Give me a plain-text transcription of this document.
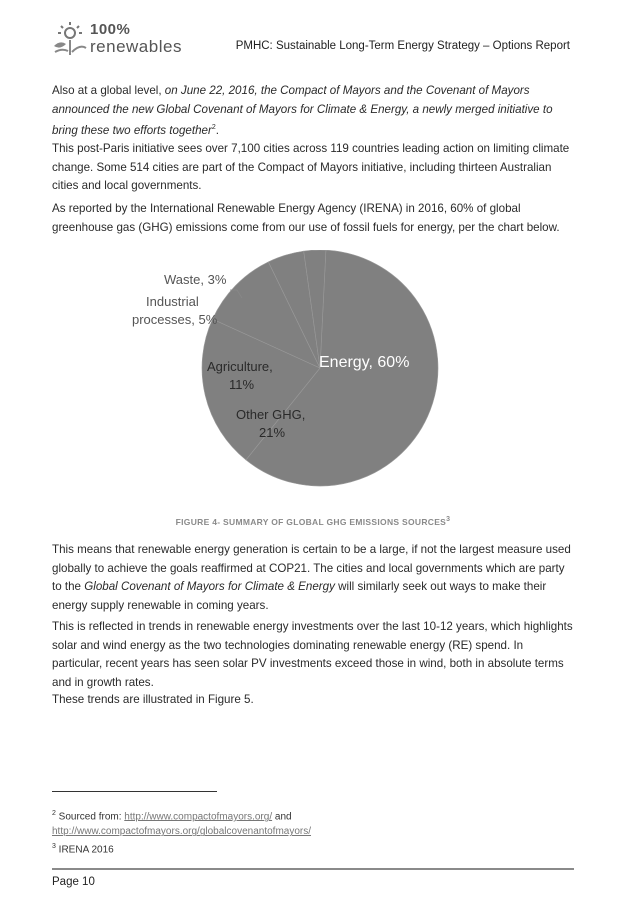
100%
renewables	PMHC: Sustainable Long-Term Energy Strategy – Options Report
Also at a global level, on June 22, 2016, the Compact of Mayors and the Covenant of Mayors announced the new Global Covenant of Mayors for Climate & Energy, a newly merged initiative to bring these two efforts together$^2$.
This post-Paris initiative sees over 7,100 cities across 119 countries leading action on limiting climate change. Some 514 cities are part of the Compact of Mayors initiative, including thirteen Australian cities and local governments.
As reported by the International Renewable Energy Agency (IRENA) in 2016, 60% of global greenhouse gas (GHG) emissions come from our use of fossil fuels for energy, per the chart below.
Waste, 3%
Industrial
processes, 5%
Agriculture,
11%
Other GHG,
21%
Energy, 60%
FIGURE 4- SUMMARY OF GLOBAL GHG EMISSIONS SOURCES$^3$
This means that renewable energy generation is certain to be a large, if not the largest measure used globally to achieve the goals reaffirmed at COP21. The cities and local governments which are party to the Global Covenant of Mayors for Climate & Energy will similarly seek out ways to make their energy supply renewable in coming years.
This is reflected in trends in renewable energy investments over the last 10-12 years, which highlights solar and wind energy as the two technologies dominating renewable energy (RE) spend. In particular, recent years has seen solar PV investments exceed those in wind, both in absolute terms and in growth rates.
These trends are illustrated in Figure 5.
$^2$ Sourced from: http://www.compactofmayors.org/ and
http://www.compactofmayors.org/globalcovenantofmayors/
$^3$ IRENA 2016
Page 10
